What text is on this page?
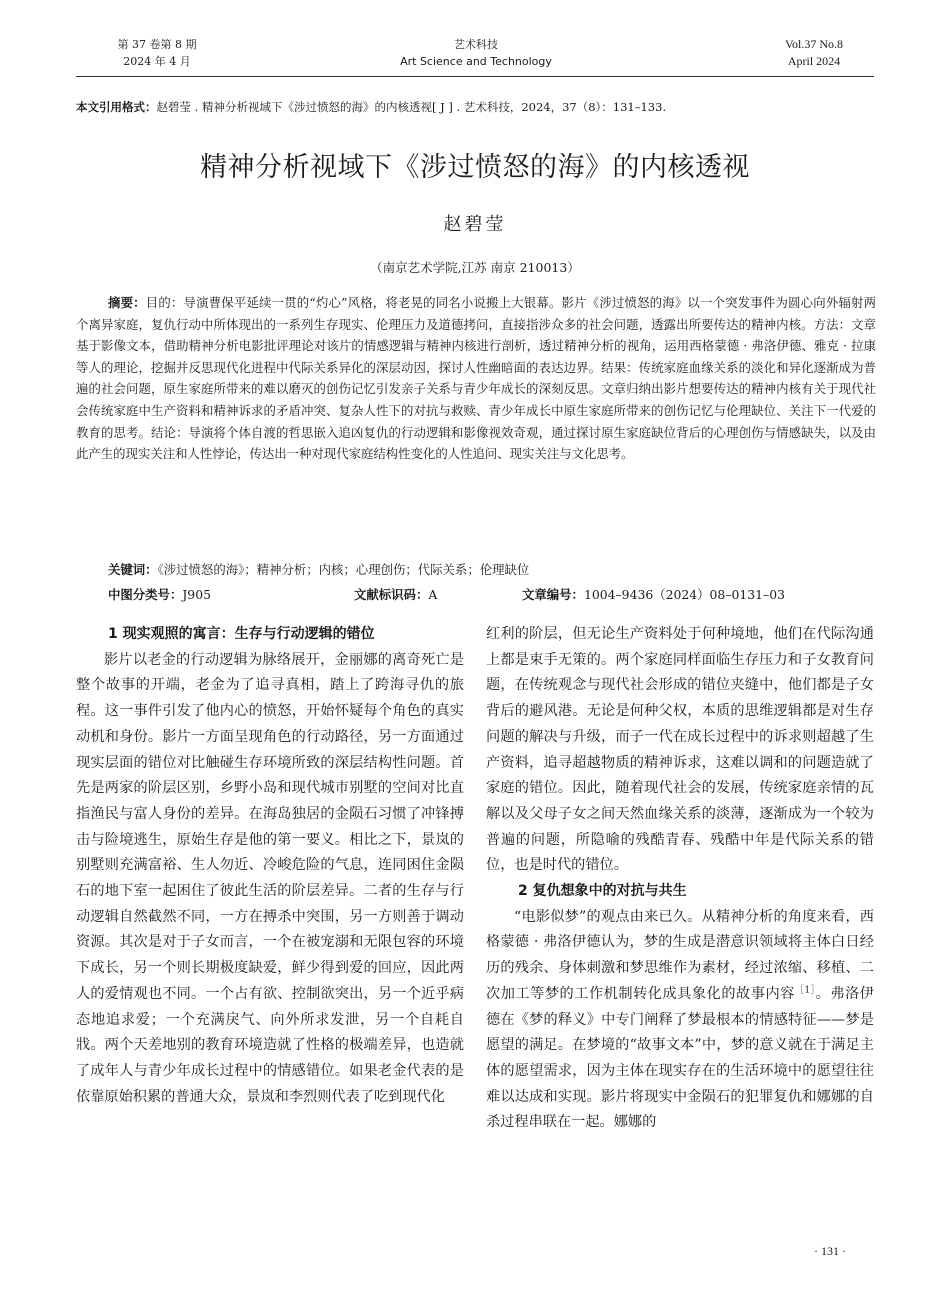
第 37 卷第 8 期
2024 年 4 月
艺术科技
Art Science and Technology
Vol.37 No.8
April 2024
本文引用格式：赵碧莹 . 精神分析视域下《涉过愤怒的海》的内核透视[ J ] . 艺术科技，2024，37（8）：131–133.
精神分析视域下《涉过愤怒的海》的内核透视
赵碧莹
（南京艺术学院,江苏 南京 210013）

摘要：目的：导演曹保平延续一贯的“灼心”风格，将老晃的同名小说搬上大银幕。影片《涉过愤怒的海》以一个突发事件为圆心向外辐射两个离异家庭，复仇行动中所体现出的一系列生存现实、伦理压力及道德拷问，直接指涉众多的社会问题，透露出所要传达的精神内核。方法：文章基于影像文本，借助精神分析电影批评理论对该片的情感逻辑与精神内核进行剖析，透过精神分析的视角，运用西格蒙德 · 弗洛伊德、雅克 · 拉康等人的理论，挖掘并反思现代化进程中代际关系异化的深层动因，探讨人性幽暗面的表达边界。结果：传统家庭血缘关系的淡化和异化逐渐成为普遍的社会问题，原生家庭所带来的难以磨灭的创伤记忆引发亲子关系与青少年成长的深刻反思。文章归纳出影片想要传达的精神内核有关于现代社会传统家庭中生产资料和精神诉求的矛盾冲突、复杂人性下的对抗与救赎、青少年成长中原生家庭所带来的创伤记忆与伦理缺位、关注下一代爱的教育的思考。结论：导演将个体自渡的哲思嵌入追凶复仇的行动逻辑和影像视效奇观，通过探讨原生家庭缺位背后的心理创伤与情感缺失，以及由此产生的现实关注和人性悖论，传达出一种对现代家庭结构性变化的人性追问、现实关注与文化思考。

关键词：《涉过愤怒的海》；精神分析；内核；心理创伤；代际关系；伦理缺位
中图分类号：J905	文献标识码：A	文章编号：1004–9436（2024）08–0131–03

1 现实观照的寓言：生存与行动逻辑的错位

影片以老金的行动逻辑为脉络展开，金丽娜的离奇死亡是整个故事的开端，老金为了追寻真相，踏上了跨海寻仇的旅程。这一事件引发了他内心的愤怒，开始怀疑每个角色的真实动机和身份。影片一方面呈现角色的行动路径，另一方面通过现实层面的错位对比触碰生存环境所致的深层结构性问题。首先是两家的阶层区别，乡野小岛和现代城市别墅的空间对比直指渔民与富人身份的差异。在海岛独居的金陨石习惯了冲锋搏击与险境逃生，原始生存是他的第一要义。相比之下，景岚的别墅则充满富裕、生人勿近、冷峻危险的气息，连同困住金陨石的地下室一起困住了彼此生活的阶层差异。二者的生存与行动逻辑自然截然不同，一方在搏杀中突围，另一方则善于调动资源。其次是对于子女而言，一个在被宠溺和无限包容的环境下成长，另一个则长期极度缺爱，鲜少得到爱的回应，因此两人的爱情观也不同。一个占有欲、控制欲突出，另一个近乎病态地追求爱；一个充满戾气、向外所求发泄，另一个自耗自戕。两个天差地别的教育环境造就了性格的极端差异，也造就了成年人与青少年成长过程中的情感错位。如果老金代表的是依靠原始积累的普通大众，景岚和李烈则代表了吃到现代化

红利的阶层，但无论生产资料处于何种境地，他们在代际沟通上都是束手无策的。两个家庭同样面临生存压力和子女教育问题，在传统观念与现代社会形成的错位夹缝中，他们都是子女背后的避风港。无论是何种父权，本质的思维逻辑都是对生存问题的解决与升级，而子一代在成长过程中的诉求则超越了生产资料，追寻超越物质的精神诉求，这难以调和的问题造就了家庭的错位。因此，随着现代社会的发展，传统家庭亲情的瓦解以及父母子女之间天然血缘关系的淡薄，逐渐成为一个较为普遍的问题，所隐喻的残酷青春、残酷中年是代际关系的错位，也是时代的错位。

2 复仇想象中的对抗与共生

“电影似梦”的观点由来已久。从精神分析的角度来看，西格蒙德 · 弗洛伊德认为，梦的生成是潜意识领域将主体白日经历的残余、身体刺激和梦思维作为素材，经过浓缩、移植、二次加工等梦的工作机制转化成具象化的故事内容$^{[1]}$。弗洛伊德在《梦的释义》中专门阐释了梦最根本的情感特征——梦是愿望的满足。在梦境的“故事文本”中，梦的意义就在于满足主体的愿望需求，因为主体在现实存在的生活环境中的愿望往往难以达成和实现。影片将现实中金陨石的犯罪复仇和娜娜的自杀过程串联在一起。娜娜的

· 131 ·
